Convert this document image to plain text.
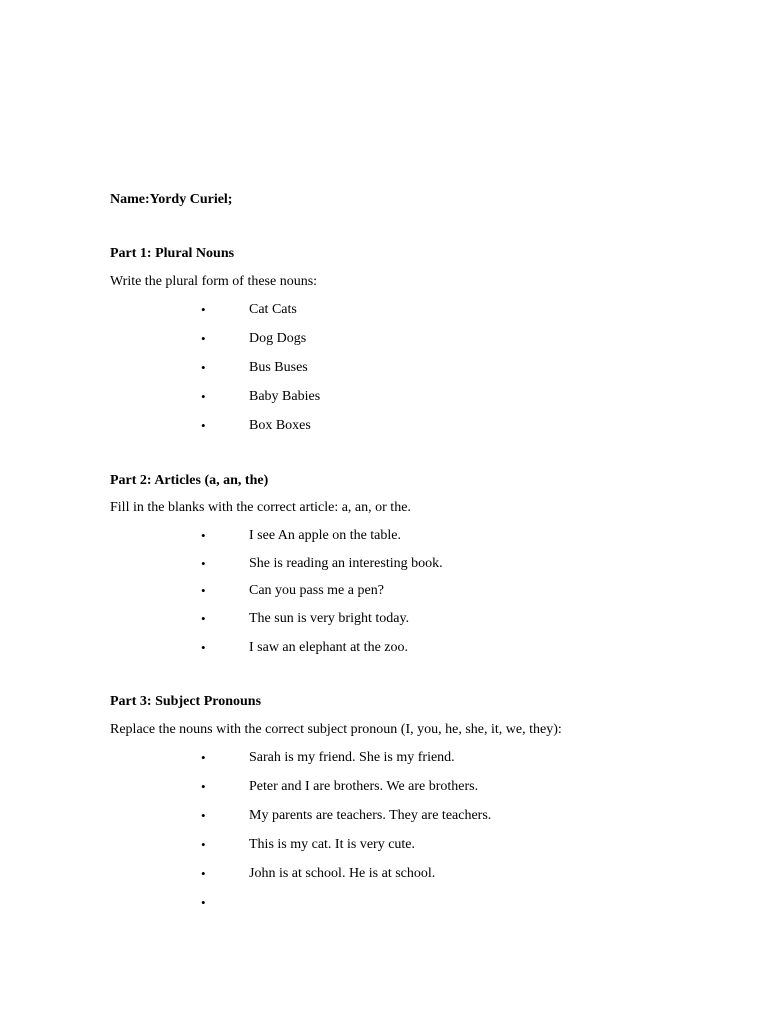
Name:Yordy Curiel;
Part 1: Plural Nouns
Write the plural form of these nouns:
•	Cat Cats
•	Dog Dogs
•	Bus Buses
•	Baby Babies
•	Box Boxes
Part 2: Articles (a, an, the)
Fill in the blanks with the correct article: a, an, or the.
•	I see An apple on the table.
•	She is reading an interesting book.
•	Can you pass me a pen?
•	The sun is very bright today.
•	I saw an elephant at the zoo.
Part 3: Subject Pronouns
Replace the nouns with the correct subject pronoun (I, you, he, she, it, we, they):
•	Sarah is my friend. She is my friend.
•	Peter and I are brothers. We are brothers.
•	My parents are teachers. They are teachers.
•	This is my cat. It is very cute.
•	John is at school. He is at school.
•
